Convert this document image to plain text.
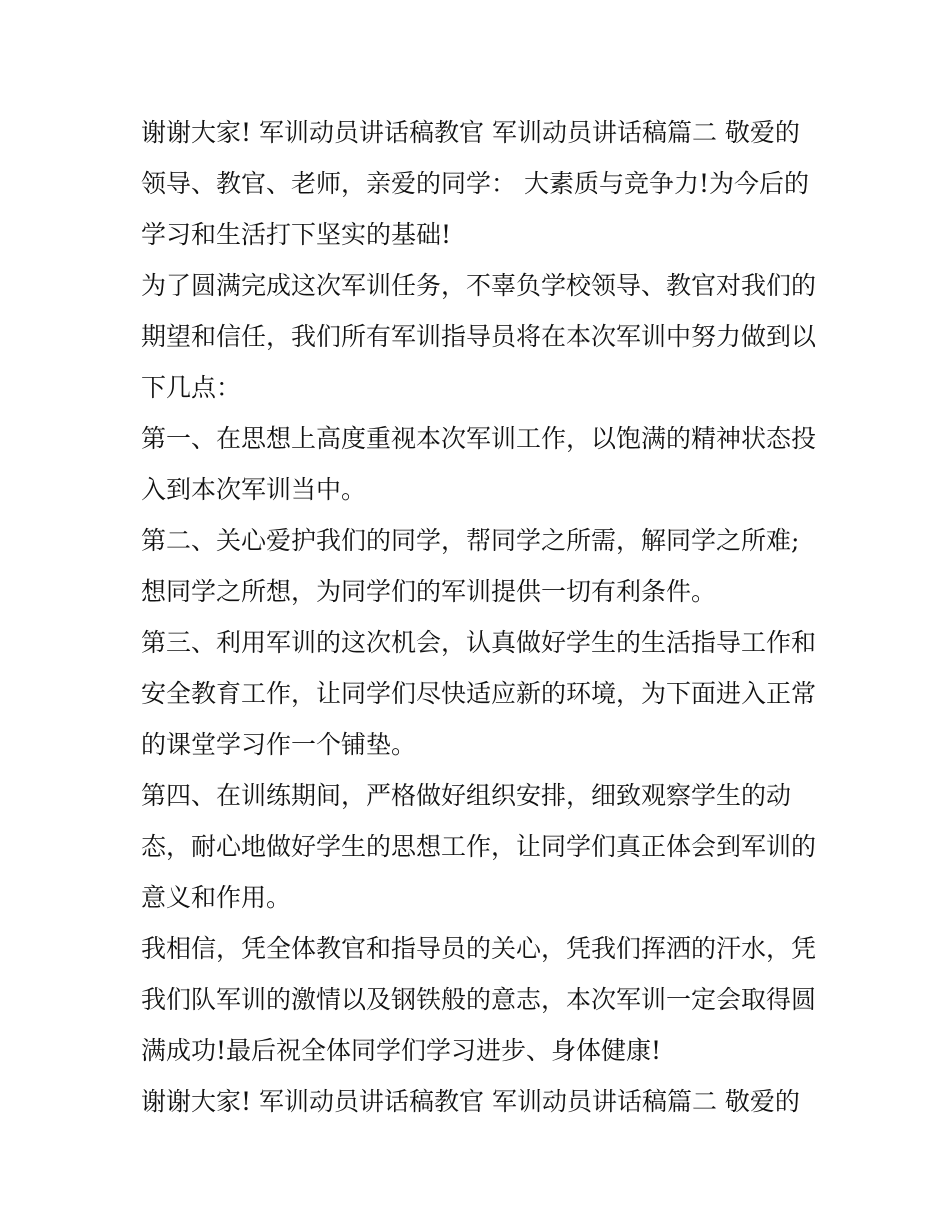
谢谢大家! 军训动员讲话稿教官 军训动员讲话稿篇二 敬爱的
领导、教官、老师，亲爱的同学： 大素质与竞争力!为今后的
学习和生活打下坚实的基础!
为了圆满完成这次军训任务，不辜负学校领导、教官对我们的
期望和信任，我们所有军训指导员将在本次军训中努力做到以
下几点：
第一、在思想上高度重视本次军训工作，以饱满的精神状态投
入到本次军训当中。
第二、关心爱护我们的同学，帮同学之所需，解同学之所难;
想同学之所想，为同学们的军训提供一切有利条件。
第三、利用军训的这次机会，认真做好学生的生活指导工作和
安全教育工作，让同学们尽快适应新的环境，为下面进入正常
的课堂学习作一个铺垫。
第四、在训练期间，严格做好组织安排，细致观察学生的动
态，耐心地做好学生的思想工作，让同学们真正体会到军训的
意义和作用。
我相信，凭全体教官和指导员的关心，凭我们挥洒的汗水，凭
我们队军训的激情以及钢铁般的意志，本次军训一定会取得圆
满成功!最后祝全体同学们学习进步、身体健康!
谢谢大家! 军训动员讲话稿教官 军训动员讲话稿篇二 敬爱的
